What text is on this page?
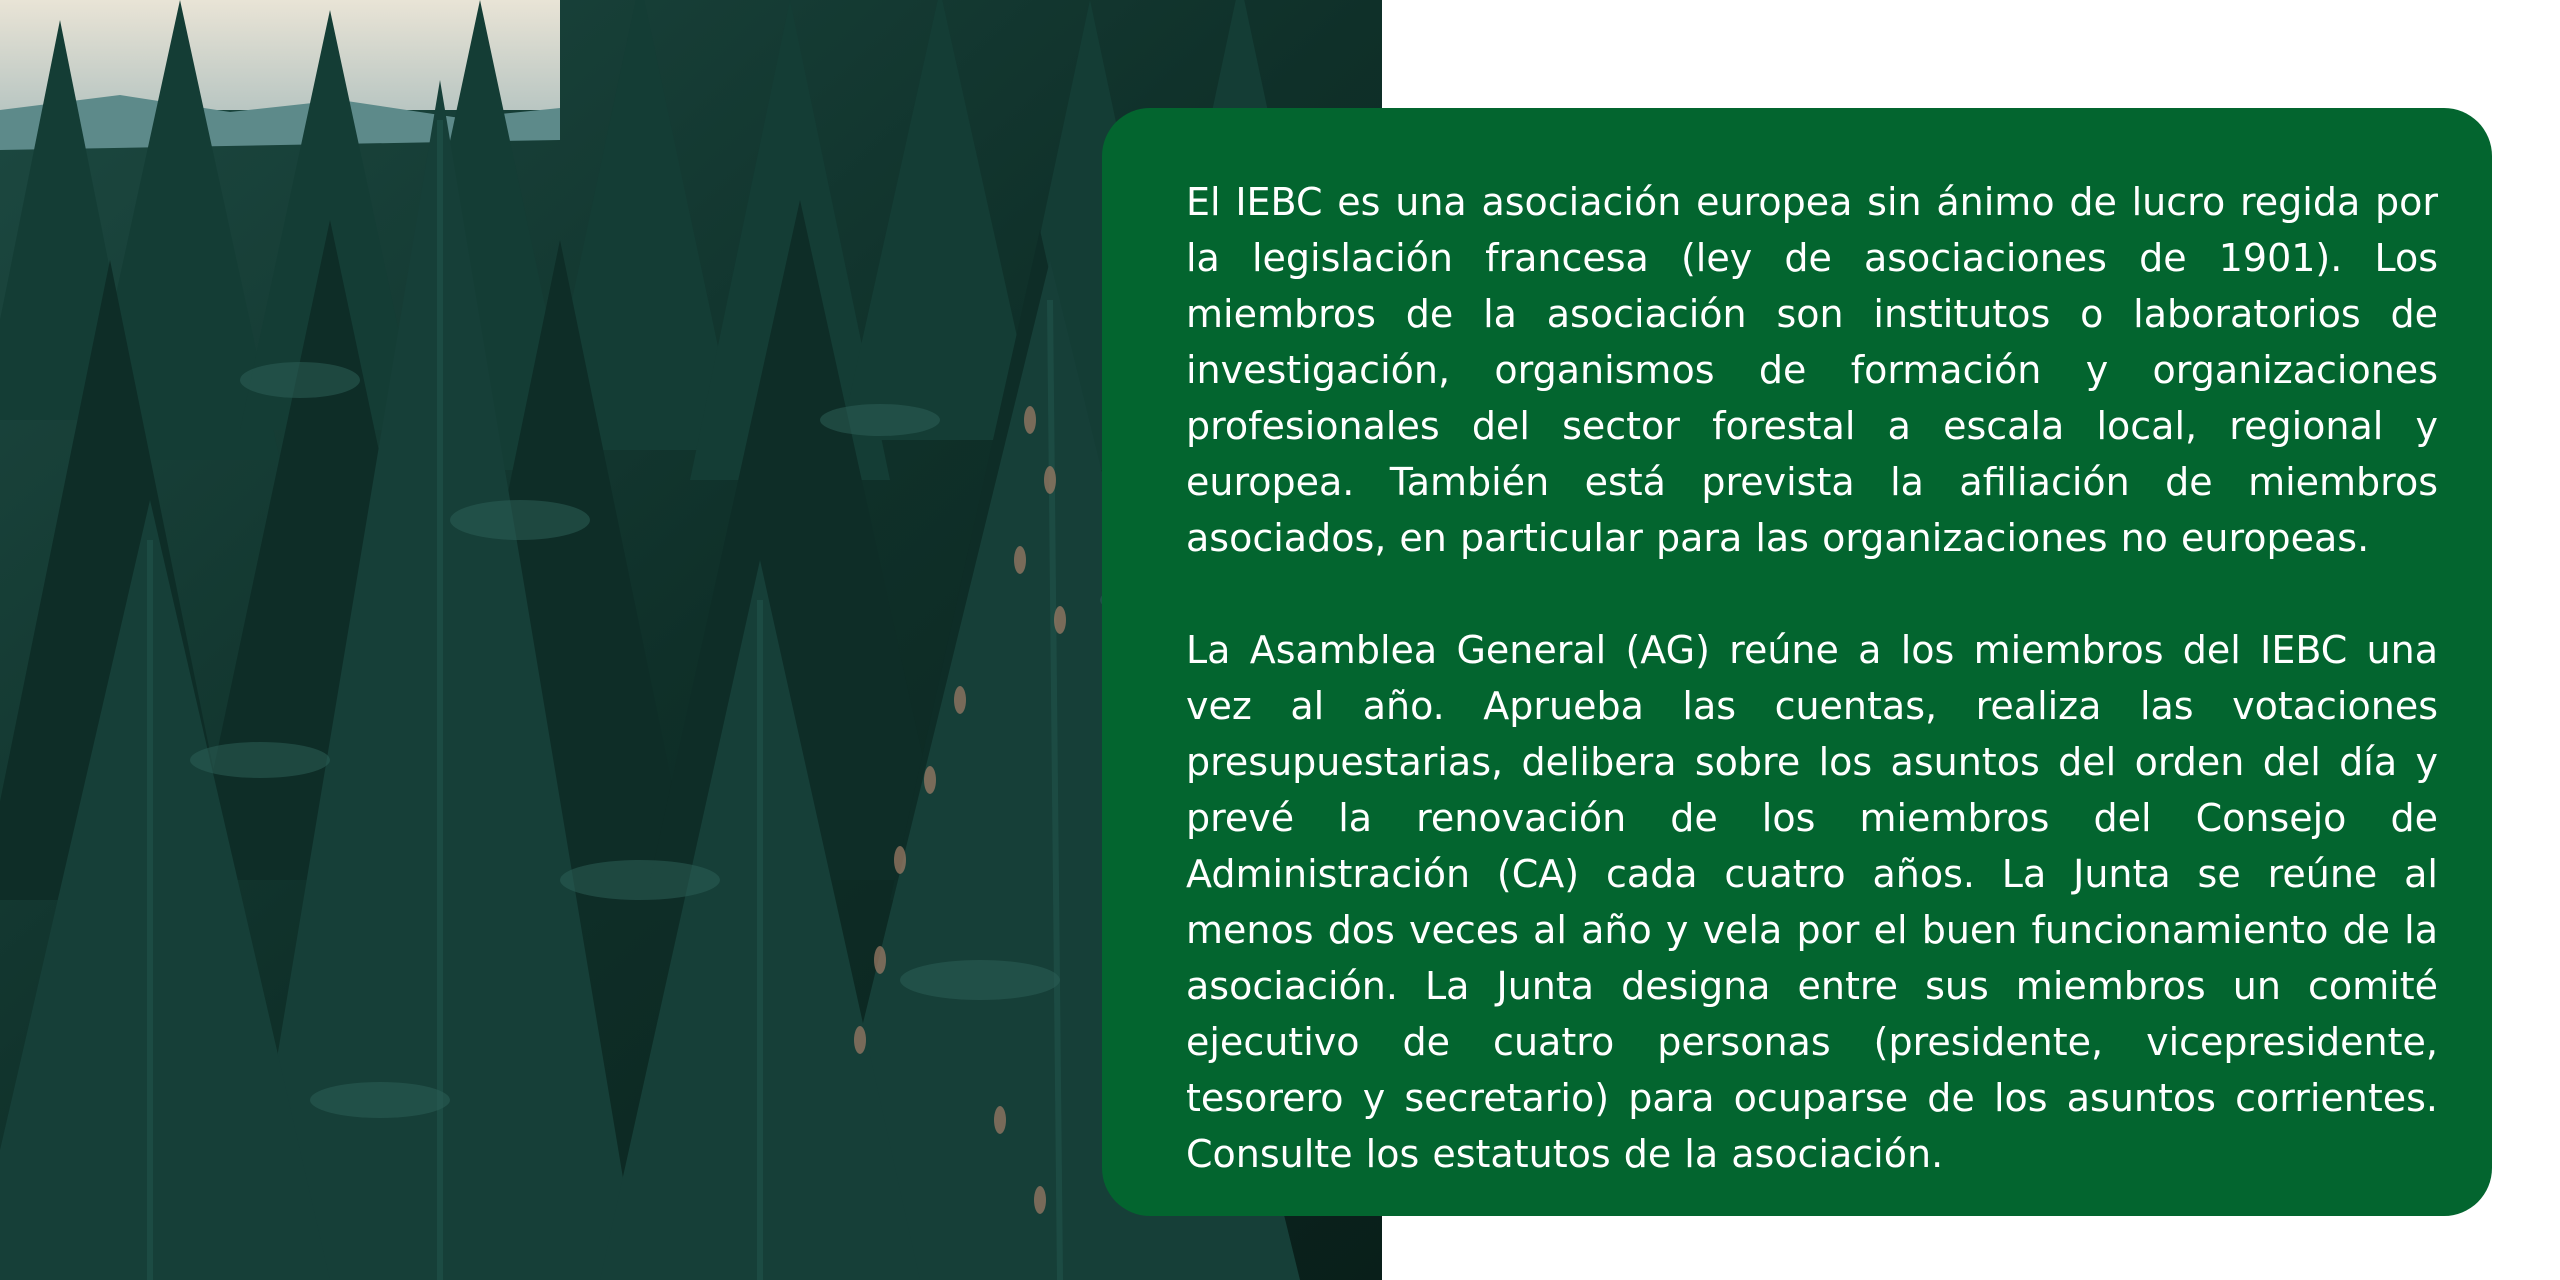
El IEBC es una asociación europea sin ánimo de lucro regida por la legislación francesa (ley de asociaciones de 1901). Los miembros de la asociación son institutos o laboratorios de investigación, organismos de formación y organizaciones profesionales del sector forestal a escala local, regional y europea. También está prevista la afiliación de miembros asociados, en particular para las organizaciones no europeas.

La Asamblea General (AG) reúne a los miembros del IEBC una vez al año. Aprueba las cuentas, realiza las votaciones presupuestarias, delibera sobre los asuntos del orden del día y prevé la renovación de los miembros del Consejo de Administración (CA) cada cuatro años. La Junta se reúne al menos dos veces al año y vela por el buen funcionamiento de la asociación. La Junta designa entre sus miembros un comité ejecutivo de cuatro personas (presidente, vicepresidente, tesorero y secretario) para ocuparse de los asuntos corrientes. Consulte los estatutos de la asociación.
